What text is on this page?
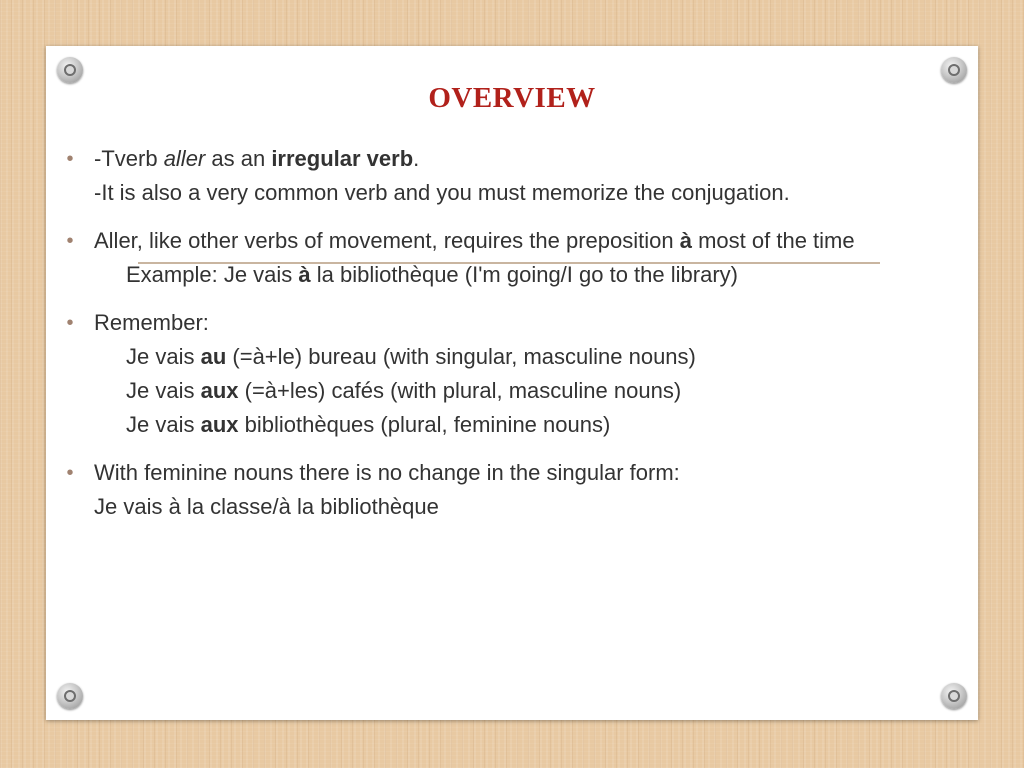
OVERVIEW
• -Tverb aller as an irregular verb.
-It is also a very common verb and you must memorize the conjugation.
• Aller, like other verbs of movement, requires the preposition à most of the time
Example: Je vais à la bibliothèque (I'm going/I go to the library)
• Remember:
Je vais au (=à+le) bureau (with singular, masculine nouns)
Je vais aux (=à+les) cafés (with plural, masculine nouns)
Je vais aux bibliothèques (plural, feminine nouns)
• With feminine nouns there is no change in the singular form:
Je vais à la classe/à la bibliothèque
